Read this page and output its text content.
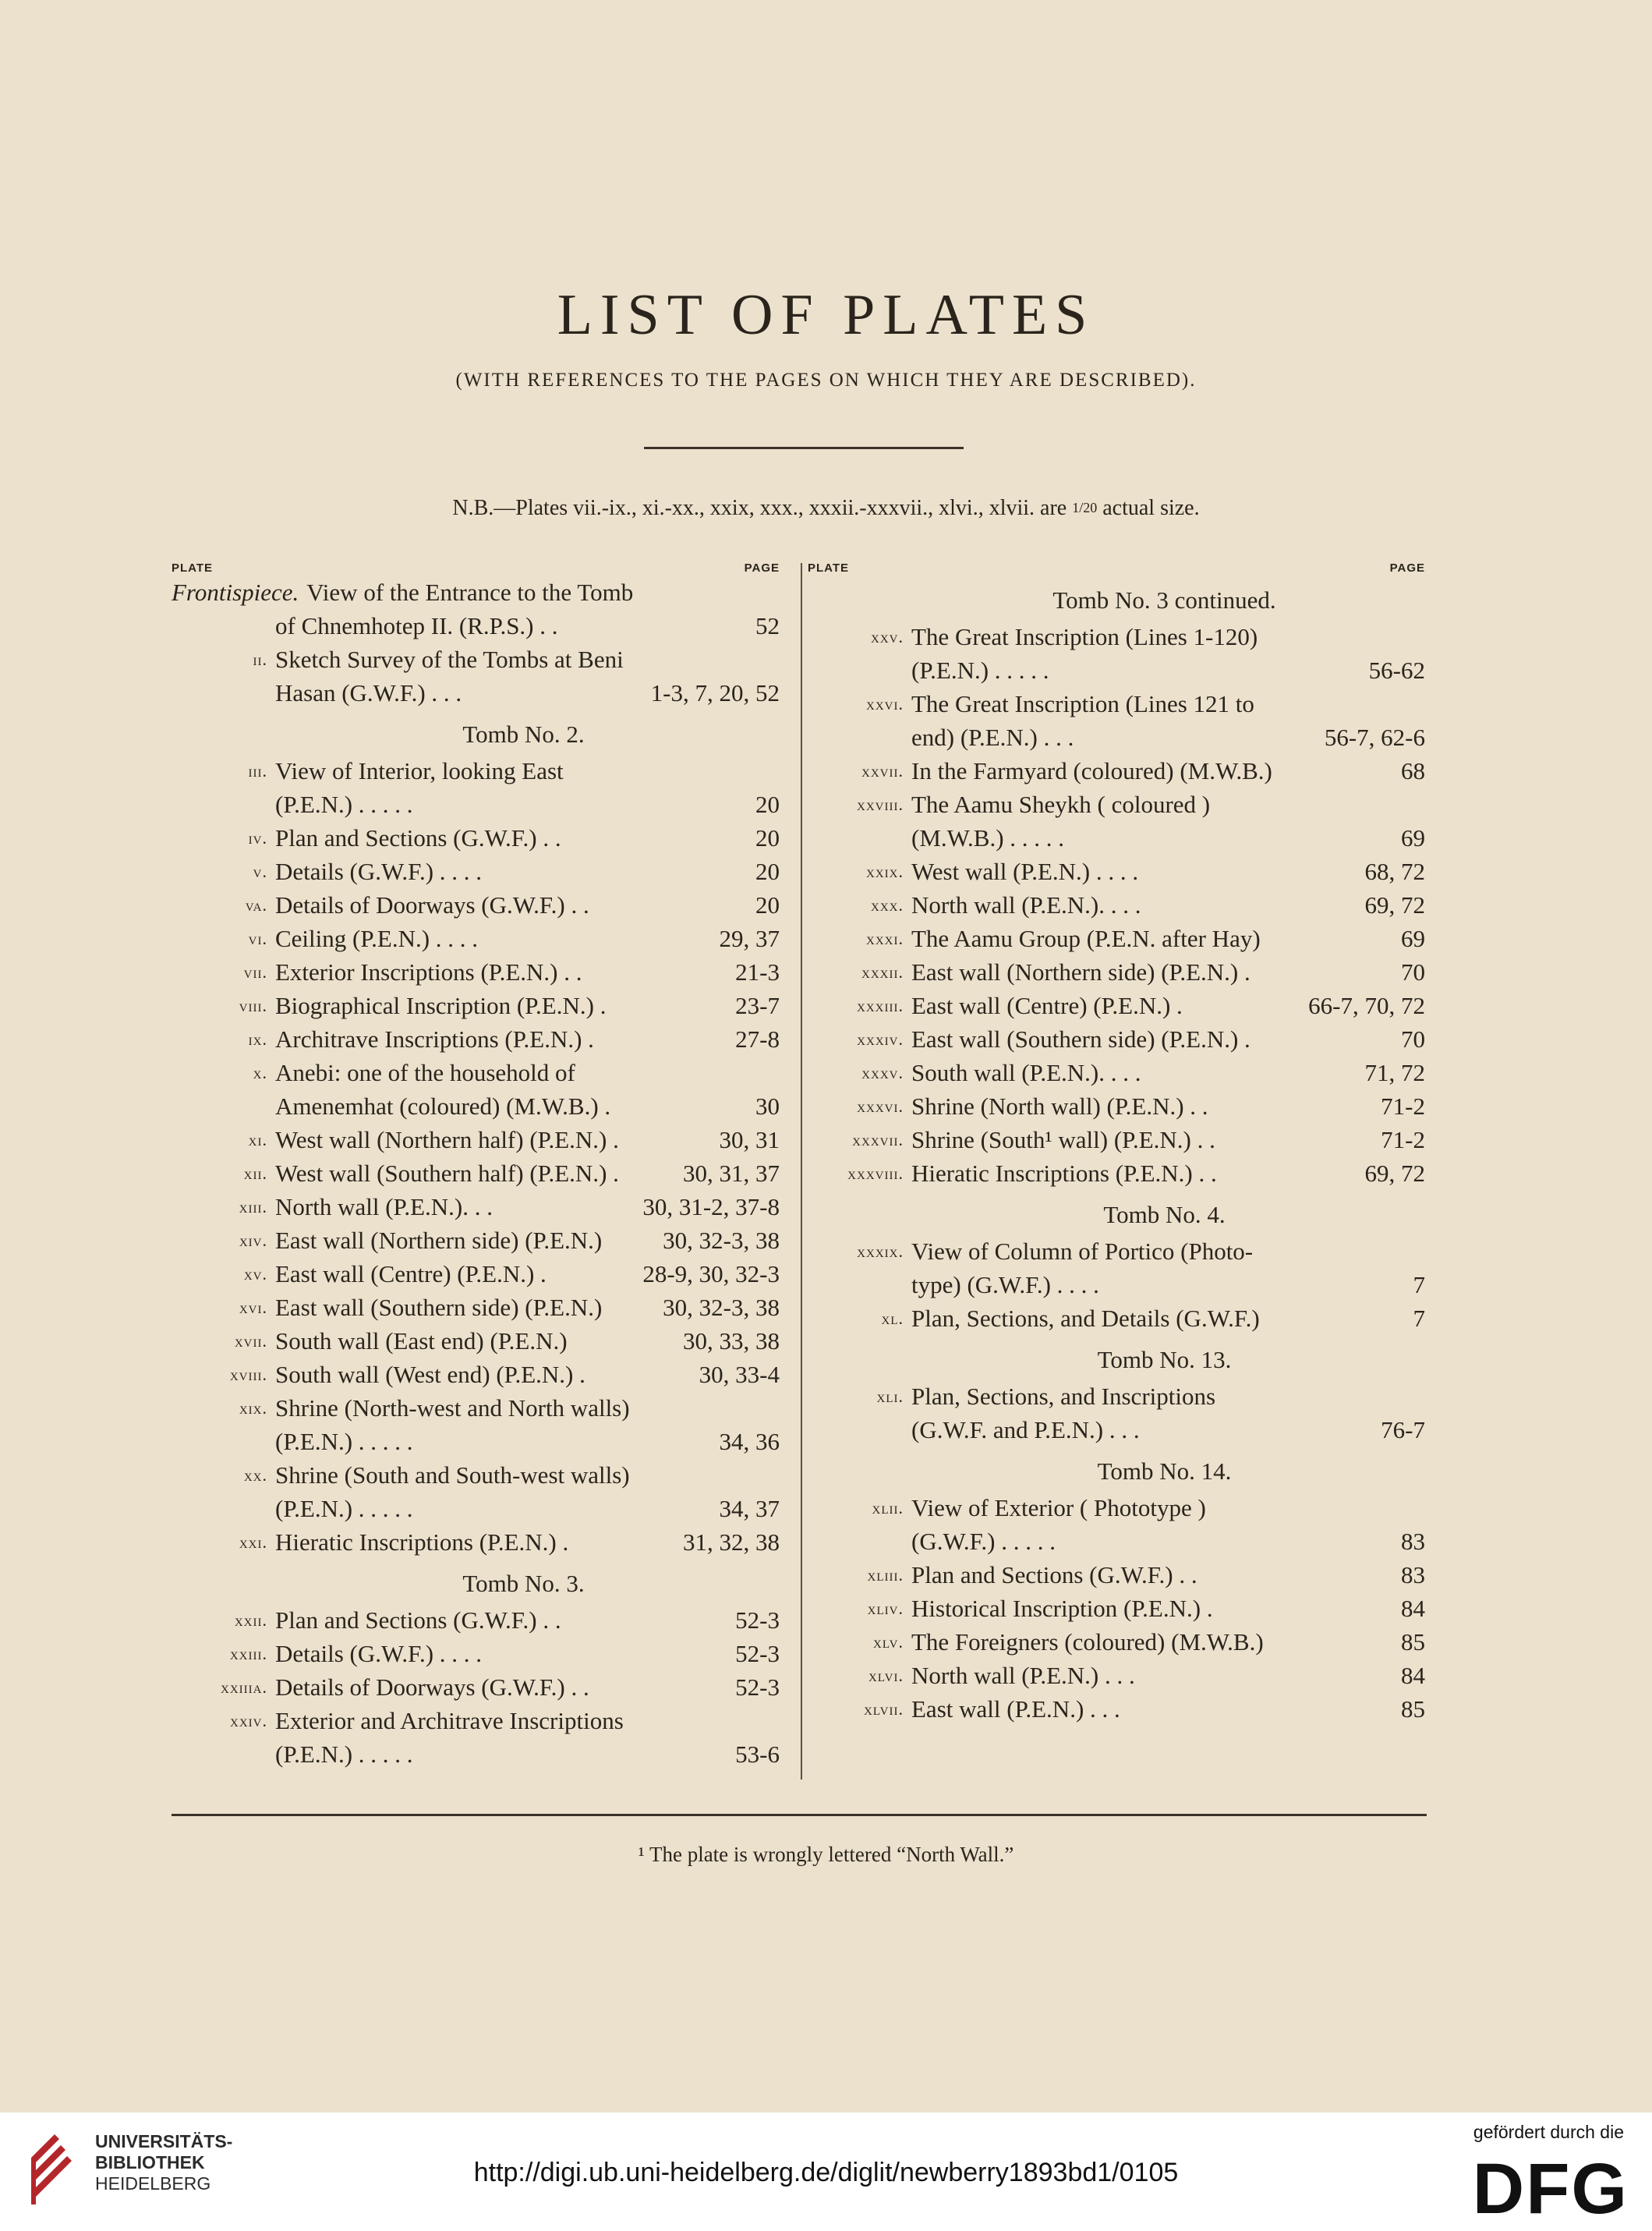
LIST OF PLATES
(WITH REFERENCES TO THE PAGES ON WHICH THEY ARE DESCRIBED).
N.B.—Plates vii.-ix., xi.-xx., xxix, xxx., xxxii.-xxxvii., xlvi., xlvii. are 1/20 actual size.
PLATE	PAGE
Frontispiece. View of the Entrance to the Tomb
of Chnemhotep II. (R.P.S.) . .	52
ii. Sketch Survey of the Tombs at Beni
Hasan (G.W.F.) . . .	1-3, 7, 20, 52
Tomb No. 2.
iii. View of Interior, looking East
(P.E.N.) . . . . .	20
iv. Plan and Sections (G.W.F.) . .	20
v. Details (G.W.F.) . . . .	20
va. Details of Doorways (G.W.F.) . .	20
vi. Ceiling (P.E.N.) . . . .	29, 37
vii. Exterior Inscriptions (P.E.N.) . .	21-3
viii. Biographical Inscription (P.E.N.) .	23-7
ix. Architrave Inscriptions (P.E.N.) .	27-8
x. Anebi: one of the household of
Amenemhat (coloured) (M.W.B.) .	30
xi. West wall (Northern half) (P.E.N.) .	30, 31
xii. West wall (Southern half) (P.E.N.) .	30, 31, 37
xiii. North wall (P.E.N.). . .	30, 31-2, 37-8
xiv. East wall (Northern side) (P.E.N.)	30, 32-3, 38
xv. East wall (Centre) (P.E.N.) .	28-9, 30, 32-3
xvi. East wall (Southern side) (P.E.N.)	30, 32-3, 38
xvii. South wall (East end) (P.E.N.)	30, 33, 38
xviii. South wall (West end) (P.E.N.) .	30, 33-4
xix. Shrine (North-west and North walls)
(P.E.N.) . . . . .	34, 36
xx. Shrine (South and South-west walls)
(P.E.N.) . . . . .	34, 37
xxi. Hieratic Inscriptions (P.E.N.) .	31, 32, 38
Tomb No. 3.
xxii. Plan and Sections (G.W.F.) . .	52-3
xxiii. Details (G.W.F.) . . . .	52-3
xxiiia. Details of Doorways (G.W.F.) . .	52-3
xxiv. Exterior and Architrave Inscriptions
(P.E.N.) . . . . .	53-6
PLATE	PAGE
Tomb No. 3 continued.
xxv. The Great Inscription (Lines 1-120)
(P.E.N.) . . . . .	56-62
xxvi. The Great Inscription (Lines 121 to
end) (P.E.N.) . . .	56-7, 62-6
xxvii. In the Farmyard (coloured) (M.W.B.)	68
xxviii. The Aamu Sheykh ( coloured )
(M.W.B.) . . . . .	69
xxix. West wall (P.E.N.) . . . .	68, 72
xxx. North wall (P.E.N.). . . .	69, 72
xxxi. The Aamu Group (P.E.N. after Hay)	69
xxxii. East wall (Northern side) (P.E.N.) .	70
xxxiii. East wall (Centre) (P.E.N.) .	66-7, 70, 72
xxxiv. East wall (Southern side) (P.E.N.) .	70
xxxv. South wall (P.E.N.). . . .	71, 72
xxxvi. Shrine (North wall) (P.E.N.) . .	71-2
xxxvii. Shrine (South¹ wall) (P.E.N.) . .	71-2
xxxviii. Hieratic Inscriptions (P.E.N.) . .	69, 72
Tomb No. 4.
xxxix. View of Column of Portico (Photo-
type) (G.W.F.) . . . .	7
xl. Plan, Sections, and Details (G.W.F.)	7
Tomb No. 13.
xli. Plan, Sections, and Inscriptions
(G.W.F. and P.E.N.) . . .	76-7
Tomb No. 14.
xlii. View of Exterior ( Phototype )
(G.W.F.) . . . . .	83
xliii. Plan and Sections (G.W.F.) . .	83
xliv. Historical Inscription (P.E.N.) .	84
xlv. The Foreigners (coloured) (M.W.B.)	85
xlvi. North wall (P.E.N.) . . .	84
xlvii. East wall (P.E.N.) . . .	85
¹ The plate is wrongly lettered “North Wall.”
UNIVERSITÄTS-
BIBLIOTHEK
HEIDELBERG	http://digi.ub.uni-heidelberg.de/diglit/newberry1893bd1/0105
gefördert durch die
DFG
